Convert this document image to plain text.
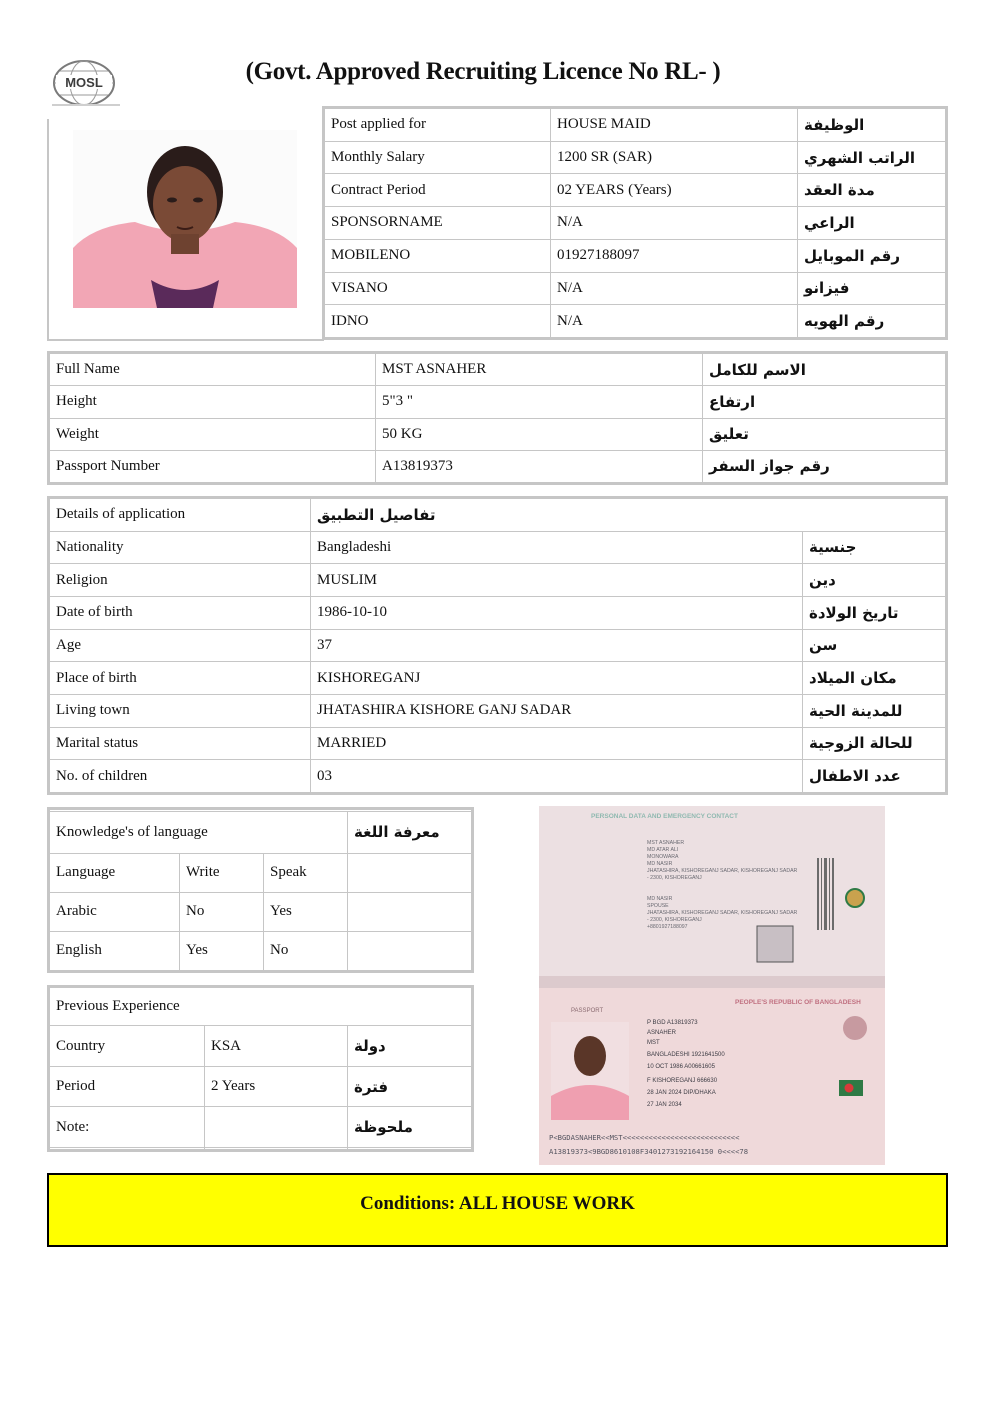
MOSL	(Govt. Approved Recruiting Licence No RL- )
Post applied for	HOUSE MAID	الوظيفة
Monthly Salary	1200 SR (SAR)	الراتب الشهري
Contract Period	02 YEARS (Years)	مدة العقد
SPONSORNAME	N/A	الراعي
MOBILENO	01927188097	رقم الموبايل
VISANO	N/A	فيزانو
IDNO	N/A	رقم الهويه
Full Name	MST ASNAHER	الاسم للكامل
Height	5"3 "	ارتفاع
Weight	50 KG	تعليق
Passport Number	A13819373	رقم جواز السفر
Details of application	تفاصيل التطبيق	
Nationality	Bangladeshi	جنسية
Religion	MUSLIM	دين
Date of birth	1986-10-10	تاريخ الولادة
Age	37	سن
Place of birth	KISHOREGANJ	مكان الميلاد
Living town	JHATASHIRA KISHORE GANJ SADAR	للمدينة الحية
Marital status	MARRIED	للحالة الزوجية
No. of children	03	عدد الاطفال

Knowledge's of language			معرفة اللغة
Language	Write	Speak	
Arabic	No	Yes	
English	Yes	No	
Previous Experience		
Country	KSA	دولة
Period	2 Years	فترة
Note:		ملحوظة

PERSONAL DATA AND EMERGENCY CONTACT
MST ASNAHER
MD ATAR ALI
MONOWARA
MD NASIR
JHATASHIRA, KISHOREGANJ SADAR, KISHOREGANJ SADAR
- 2300, KISHOREGANJ
MD NASIR
SPOUSE
JHATASHIRA, KISHOREGANJ SADAR, KISHOREGANJ SADAR
- 2300, KISHOREGANJ
+8801927188097
PEOPLE'S REPUBLIC OF BANGLADESH
PASSPORT
P BGD A13819373
ASNAHER
MST
BANGLADESHI 1921641500
10 OCT 1986 A00661605
F KISHOREGANJ 666630
28 JAN 2024 DIP/DHAKA
27 JAN 2034
P<BGDASNAHER<<MST<<<<<<<<<<<<<<<<<<<<<<<<<<<
A13819373<9BGD8610108F3401273192164150 0<<<<78
Conditions: ALL HOUSE WORK
